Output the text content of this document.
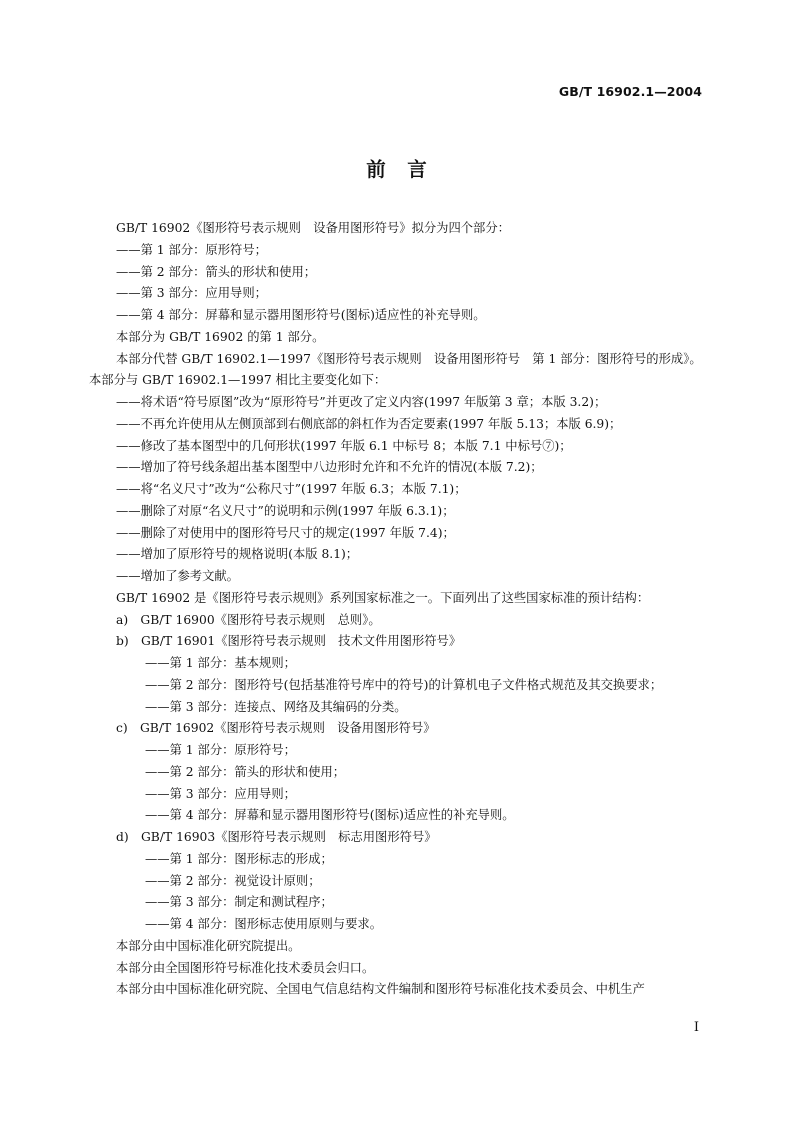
GB/T 16902.1—2004
前　言

GB/T 16902《图形符号表示规则　设备用图形符号》拟分为四个部分：

——第 1 部分：原形符号；

——第 2 部分：箭头的形状和使用；

——第 3 部分：应用导则；

——第 4 部分：屏幕和显示器用图形符号(图标)适应性的补充导则。

本部分为 GB/T 16902 的第 1 部分。

本部分代替 GB/T 16902.1—1997《图形符号表示规则　设备用图形符号　第 1 部分：图形符号的形成》。本部分与 GB/T 16902.1—1997 相比主要变化如下：

——将术语“符号原图”改为“原形符号”并更改了定义内容(1997 年版第 3 章；本版 3.2)；

——不再允许使用从左侧顶部到右侧底部的斜杠作为否定要素(1997 年版 5.13；本版 6.9)；

——修改了基本图型中的几何形状(1997 年版 6.1 中标号 8；本版 7.1 中标号⑦)；

——增加了符号线条超出基本图型中八边形时允许和不允许的情况(本版 7.2)；

——将“名义尺寸”改为“公称尺寸”(1997 年版 6.3；本版 7.1)；

——删除了对原“名义尺寸”的说明和示例(1997 年版 6.3.1)；

——删除了对使用中的图形符号尺寸的规定(1997 年版 7.4)；

——增加了原形符号的规格说明(本版 8.1)；

——增加了参考文献。

GB/T 16902 是《图形符号表示规则》系列国家标准之一。下面列出了这些国家标准的预计结构：

a)　GB/T 16900《图形符号表示规则　总则》。

b)　GB/T 16901《图形符号表示规则　技术文件用图形符号》

——第 1 部分：基本规则；

——第 2 部分：图形符号(包括基准符号库中的符号)的计算机电子文件格式规范及其交换要求；

——第 3 部分：连接点、网络及其编码的分类。

c)　GB/T 16902《图形符号表示规则　设备用图形符号》

——第 1 部分：原形符号；

——第 2 部分：箭头的形状和使用；

——第 3 部分：应用导则；

——第 4 部分：屏幕和显示器用图形符号(图标)适应性的补充导则。

d)　GB/T 16903《图形符号表示规则　标志用图形符号》

——第 1 部分：图形标志的形成；

——第 2 部分：视觉设计原则；

——第 3 部分：制定和测试程序；

——第 4 部分：图形标志使用原则与要求。

本部分由中国标准化研究院提出。

本部分由全国图形符号标准化技术委员会归口。

本部分由中国标准化研究院、全国电气信息结构文件编制和图形符号标准化技术委员会、中机生产

I
